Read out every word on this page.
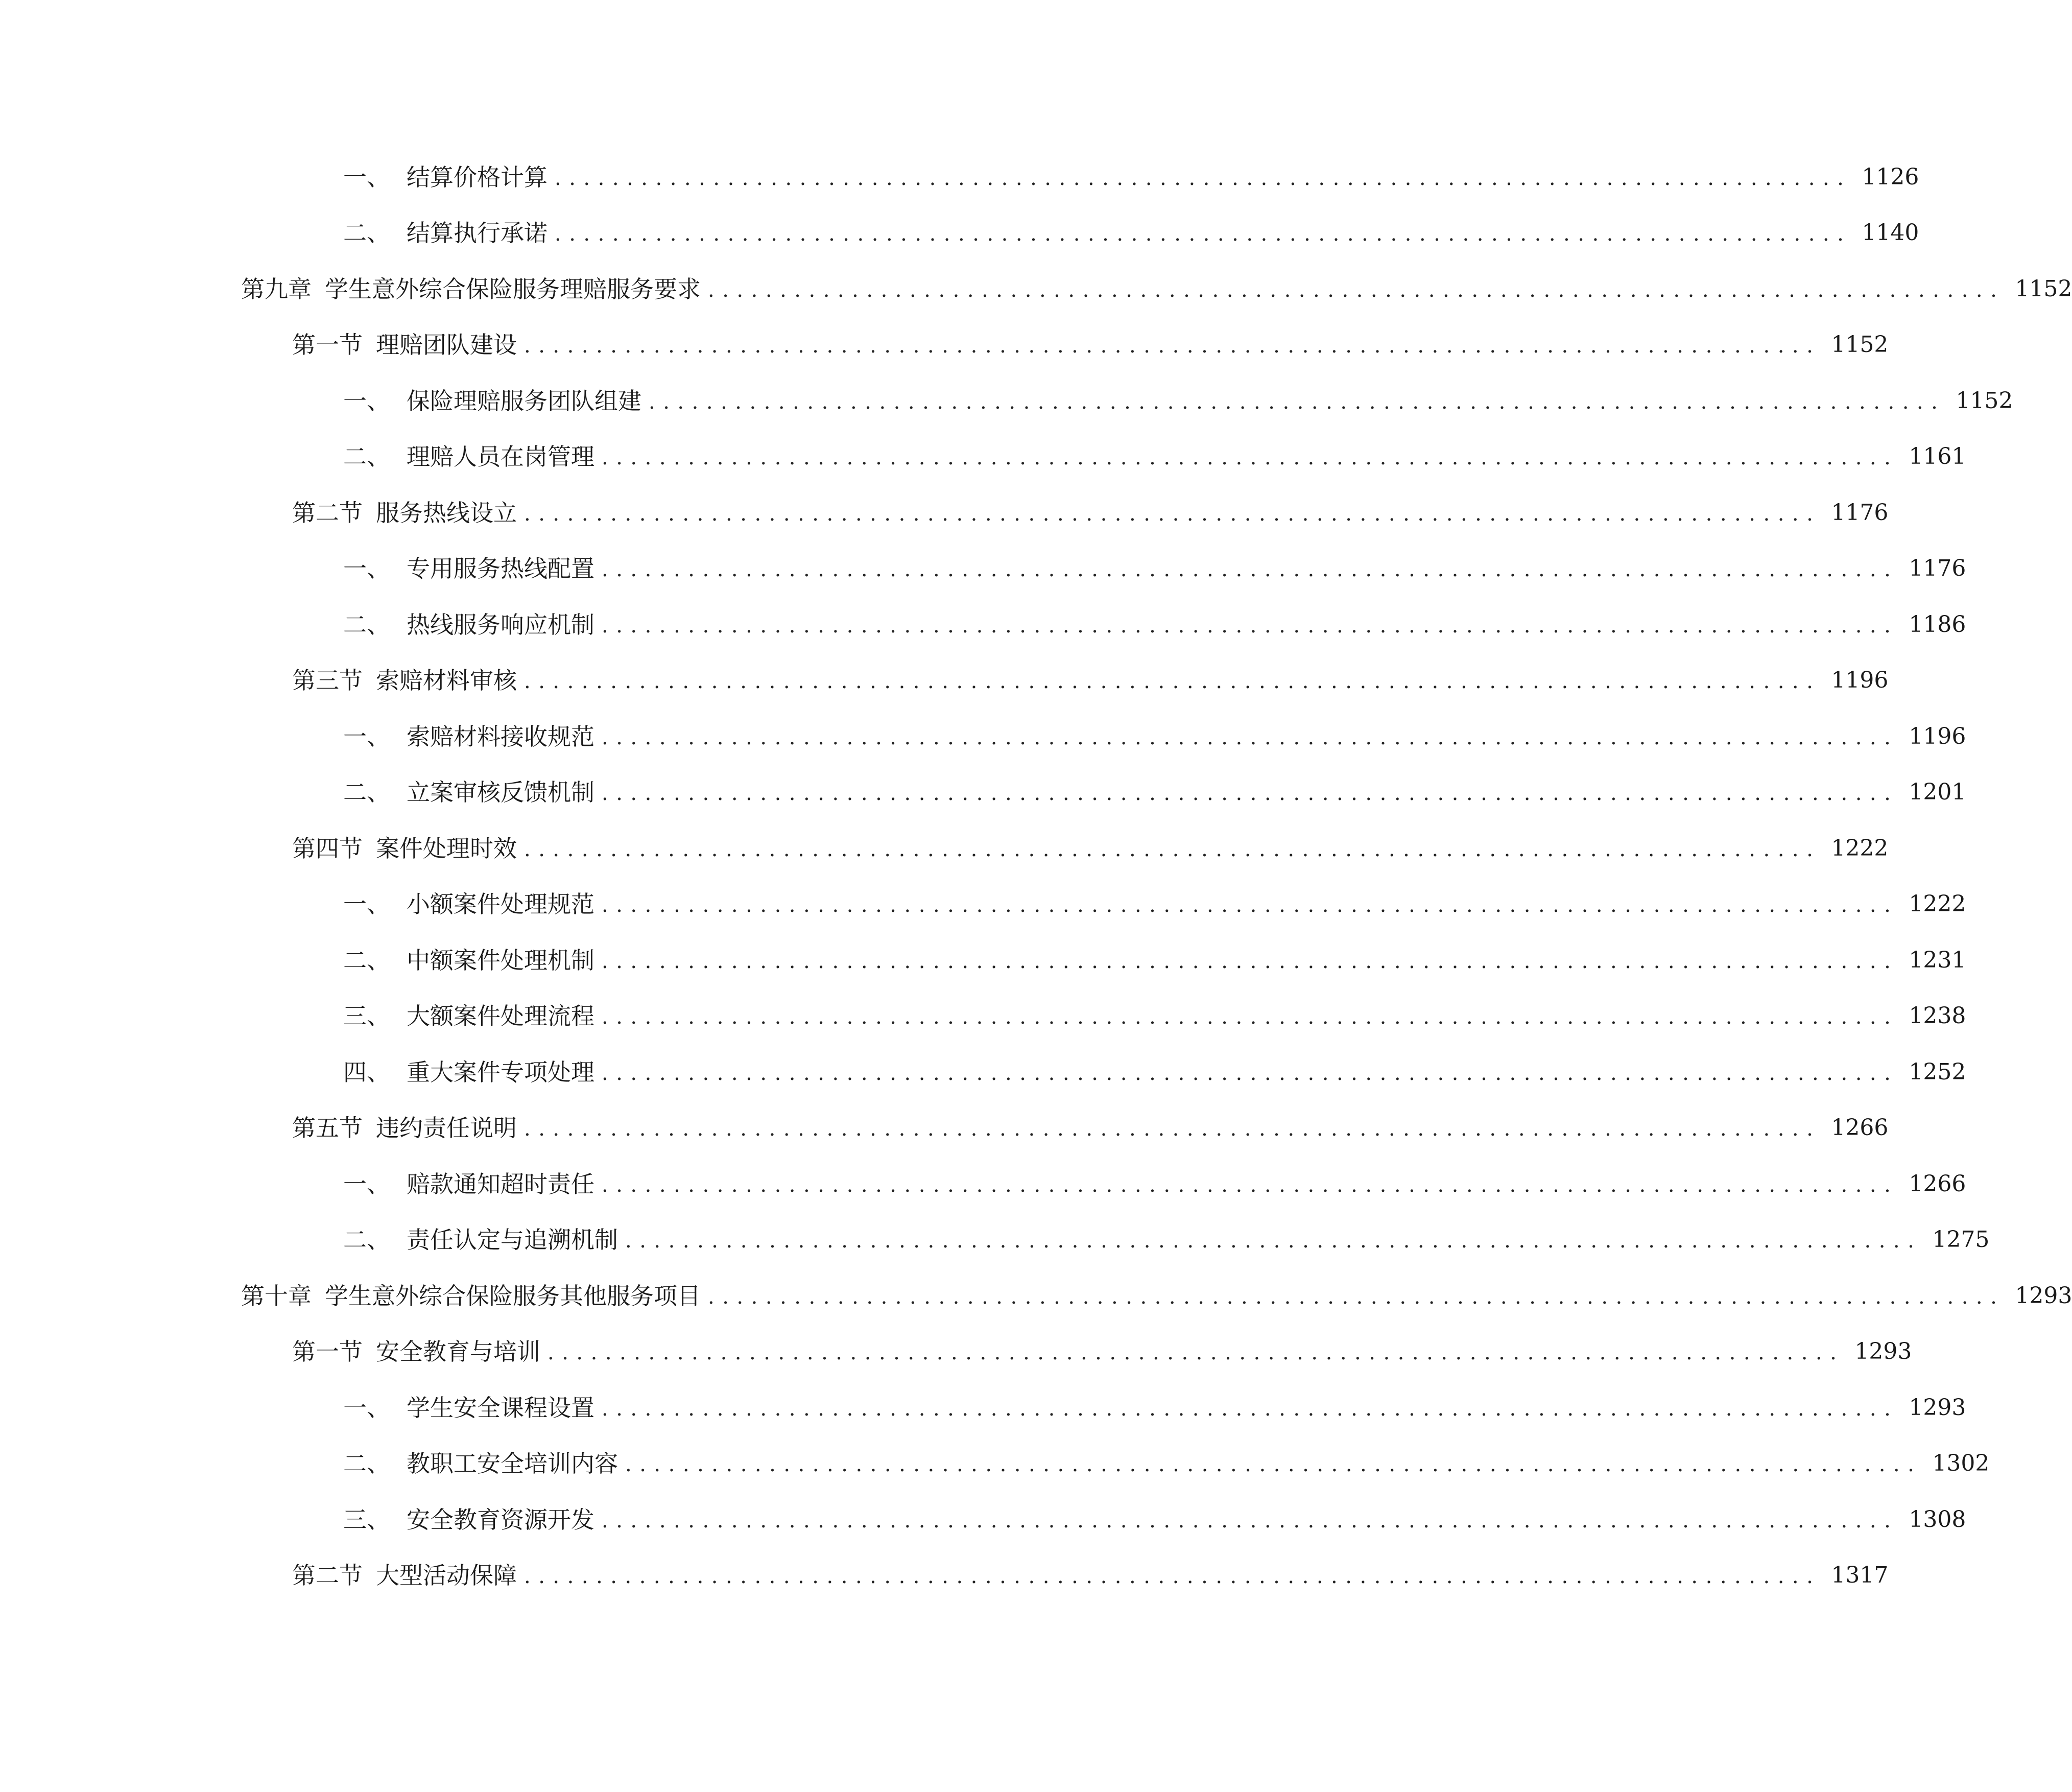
一、 结算价格计算 .......................................................................................... 1126
二、 结算执行承诺 .......................................................................................... 1140
第九章 学生意外综合保险服务理赔服务要求 .......................................................................................... 1152
第一节 理赔团队建设 .......................................................................................... 1152
一、 保险理赔服务团队组建 .......................................................................................... 1152
二、 理赔人员在岗管理 .......................................................................................... 1161
第二节 服务热线设立 .......................................................................................... 1176
一、 专用服务热线配置 .......................................................................................... 1176
二、 热线服务响应机制 .......................................................................................... 1186
第三节 索赔材料审核 .......................................................................................... 1196
一、 索赔材料接收规范 .......................................................................................... 1196
二、 立案审核反馈机制 .......................................................................................... 1201
第四节 案件处理时效 .......................................................................................... 1222
一、 小额案件处理规范 .......................................................................................... 1222
二、 中额案件处理机制 .......................................................................................... 1231
三、 大额案件处理流程 .......................................................................................... 1238
四、 重大案件专项处理 .......................................................................................... 1252
第五节 违约责任说明 .......................................................................................... 1266
一、 赔款通知超时责任 .......................................................................................... 1266
二、 责任认定与追溯机制 .......................................................................................... 1275
第十章 学生意外综合保险服务其他服务项目 .......................................................................................... 1293
第一节 安全教育与培训 .......................................................................................... 1293
一、 学生安全课程设置 .......................................................................................... 1293
二、 教职工安全培训内容 .......................................................................................... 1302
三、 安全教育资源开发 .......................................................................................... 1308
第二节 大型活动保障 .......................................................................................... 1317
